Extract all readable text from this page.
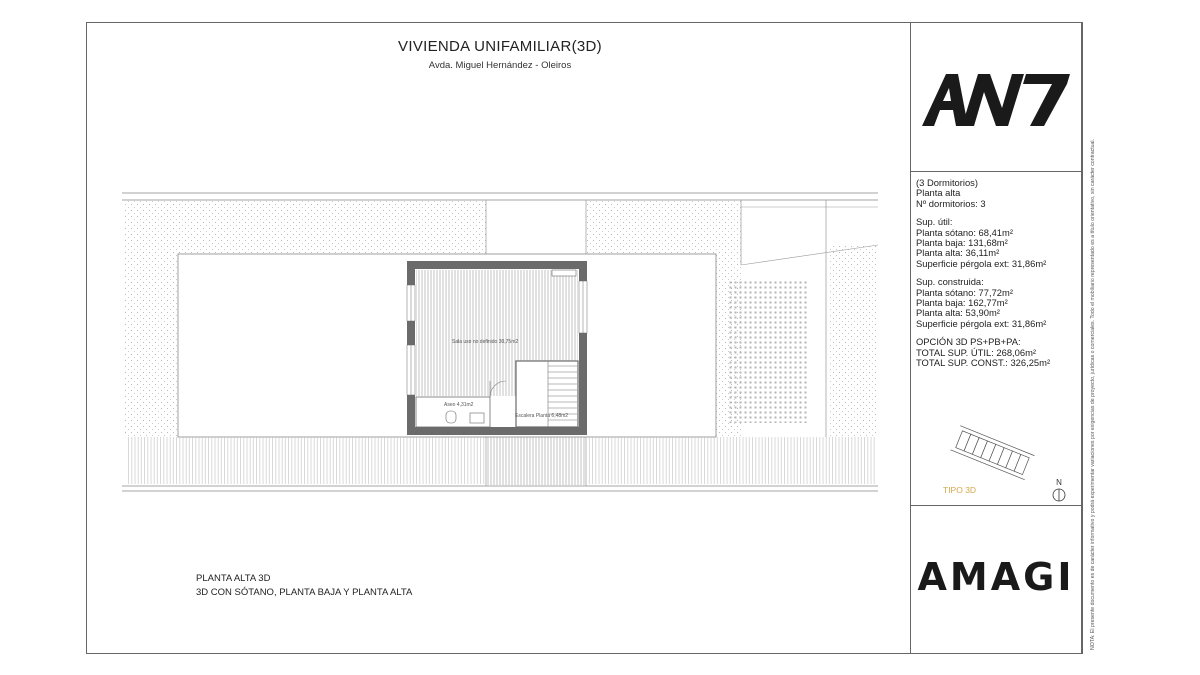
VIVIENDA UNIFAMILIAR(3D)
Avda. Miguel Hernández - Oleiros
(3 Dormitorios)
Planta alta
Nº dormitorios: 3
Sup. útil:
Planta sótano: 68,41m²
Planta baja: 131,68m²
Planta alta: 36,11m²
Superficie pérgola ext: 31,86m²
Sup. construida:
Planta sótano: 77,72m²
Planta baja: 162,77m²
Planta alta: 53,90m²
Superficie pérgola ext: 31,86m²
OPCIÓN 3D PS+PB+PA:
TOTAL SUP. ÚTIL: 268,06m²
TOTAL SUP. CONST.: 326,25m²
TIPO 3D
N
AMAGI	NOTA: El presente documento es de carácter informativo y podrá experimentar variaciones por exigencias de proyecto, jurídicas o comerciales. Todo el mobiliario representado es a título orientativo, sin carácter contractual.
Sala uso no definido 30,75m2
Aseo 4,31m2
Escalera Planta 6,48m2
PLANTA ALTA 3D
3D CON SÓTANO, PLANTA BAJA Y PLANTA ALTA
